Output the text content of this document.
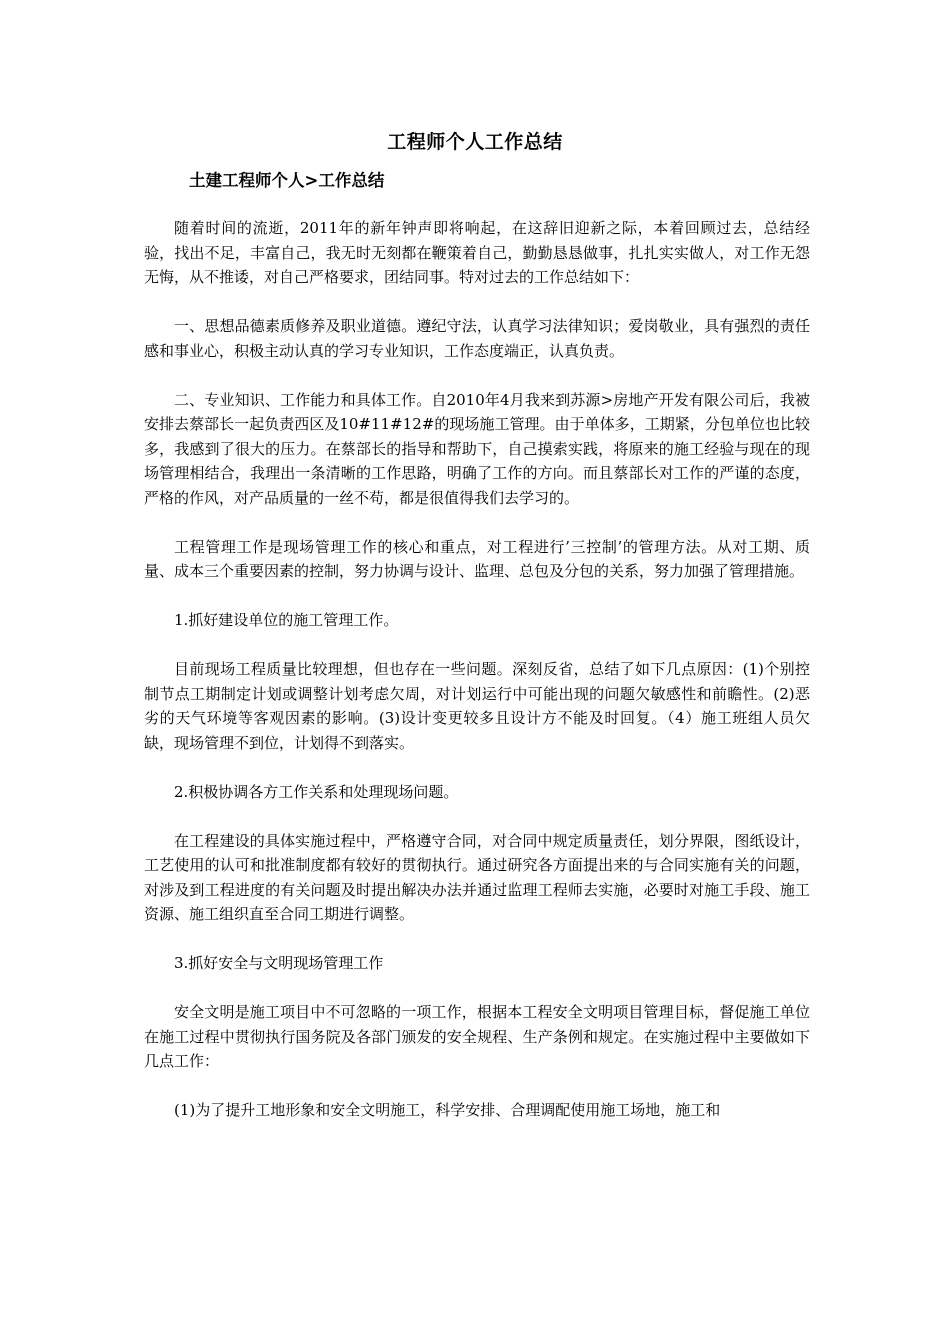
工程师个人工作总结
土建工程师个人>工作总结

随着时间的流逝，2011年的新年钟声即将响起，在这辞旧迎新之际，本着回顾过去，总结经验，找出不足，丰富自己，我无时无刻都在鞭策着自己，勤勤恳恳做事，扎扎实实做人，对工作无怨无悔，从不推诿，对自己严格要求，团结同事。特对过去的工作总结如下：

一、思想品德素质修养及职业道德。遵纪守法，认真学习法律知识；爱岗敬业，具有强烈的责任感和事业心，积极主动认真的学习专业知识，工作态度端正，认真负责。

二、专业知识、工作能力和具体工作。自2010年4月我来到苏源>房地产开发有限公司后，我被安排去蔡部长一起负责西区及10#11#12#的现场施工管理。由于单体多，工期紧，分包单位也比较多，我感到了很大的压力。在蔡部长的指导和帮助下，自己摸索实践，将原来的施工经验与现在的现场管理相结合，我理出一条清晰的工作思路，明确了工作的方向。而且蔡部长对工作的严谨的态度，严格的作风，对产品质量的一丝不苟，都是很值得我们去学习的。

工程管理工作是现场管理工作的核心和重点，对工程进行’三控制’的管理方法。从对工期、质量、成本三个重要因素的控制，努力协调与设计、监理、总包及分包的关系，努力加强了管理措施。

1.抓好建设单位的施工管理工作。

目前现场工程质量比较理想，但也存在一些问题。深刻反省，总结了如下几点原因：(1)个别控制节点工期制定计划或调整计划考虑欠周，对计划运行中可能出现的问题欠敏感性和前瞻性。(2)恶劣的天气环境等客观因素的影响。(3)设计变更较多且设计方不能及时回复。（4）施工班组人员欠缺，现场管理不到位，计划得不到落实。

2.积极协调各方工作关系和处理现场问题。

在工程建设的具体实施过程中，严格遵守合同，对合同中规定质量责任，划分界限，图纸设计，工艺使用的认可和批准制度都有较好的贯彻执行。通过研究各方面提出来的与合同实施有关的问题，对涉及到工程进度的有关问题及时提出解决办法并通过监理工程师去实施，必要时对施工手段、施工资源、施工组织直至合同工期进行调整。

3.抓好安全与文明现场管理工作

安全文明是施工项目中不可忽略的一项工作，根据本工程安全文明项目管理目标，督促施工单位在施工过程中贯彻执行国务院及各部门颁发的安全规程、生产条例和规定。在实施过程中主要做如下几点工作：

(1)为了提升工地形象和安全文明施工，科学安排、合理调配使用施工场地，施工和
